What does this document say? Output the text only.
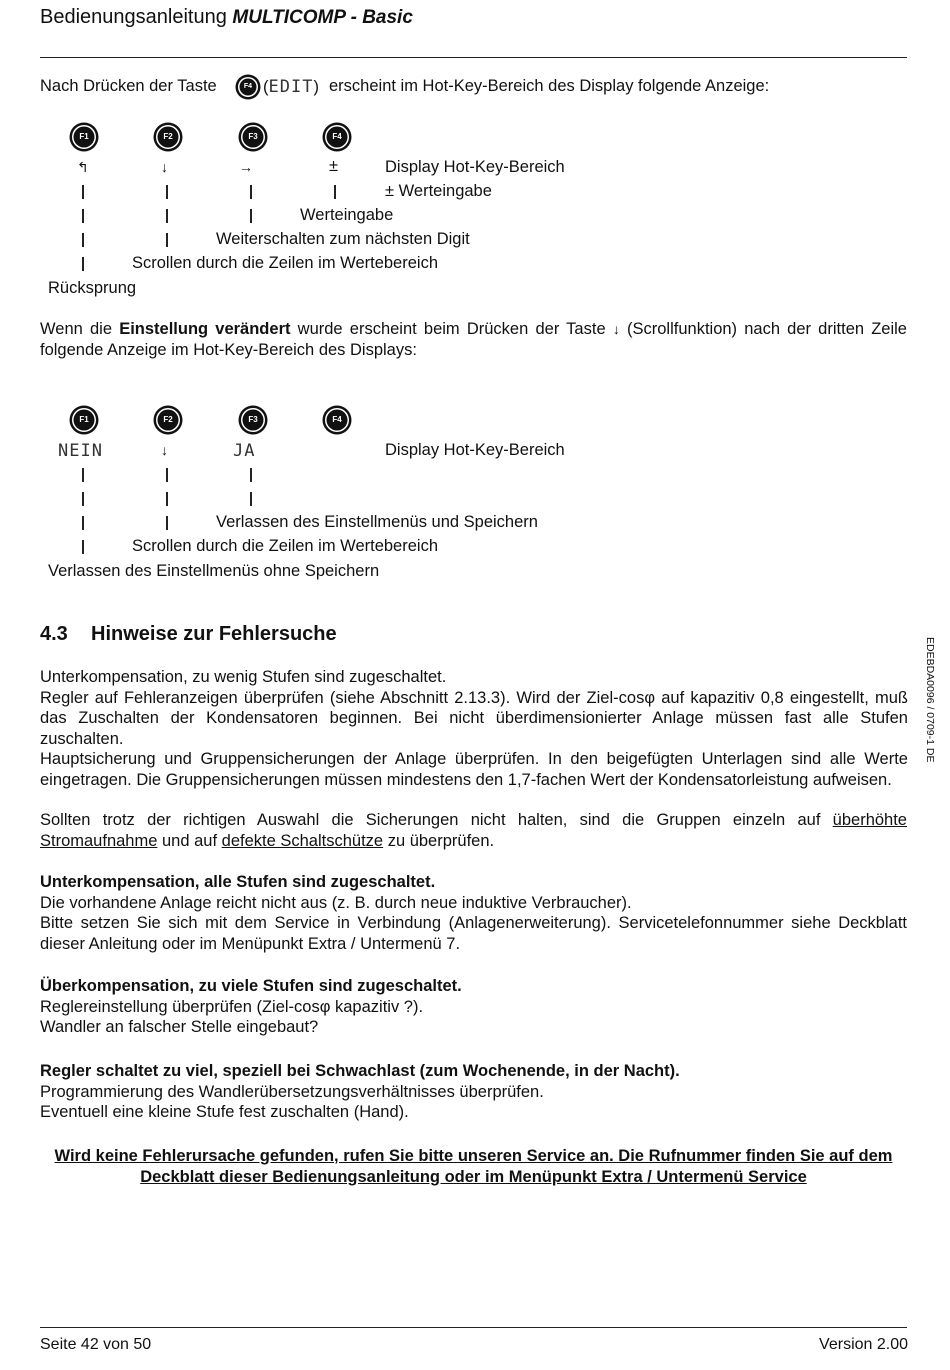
Bedienungsanleitung MULTICOMP - Basic
Nach Drücken der Taste	F4 (EDIT) erscheint im Hot-Key-Bereich des Display folgende Anzeige:
F1	F2	F3	F4
↰	↓	→	±	Display Hot-Key-Bereich
± Werteingabe
Werteingabe
Weiterschalten zum nächsten Digit
Scrollen durch die Zeilen im Wertebereich
Rücksprung

Wenn die Einstellung verändert wurde erscheint beim Drücken der Taste ↓ (Scrollfunktion) nach der dritten Zeile

folgende Anzeige im Hot-Key-Bereich des Displays:

F1	F2	F3	F4
NEIN	↓	JA	Display Hot-Key-Bereich
Verlassen des Einstellmenüs und Speichern
Scrollen durch die Zeilen im Wertebereich
Verlassen des Einstellmenüs ohne Speichern
4.3 Hinweise zur Fehlersuche
EDEBDA0096 / 0709-1 DE

Unterkompensation, zu wenig Stufen sind zugeschaltet.

Regler auf Fehleranzeigen überprüfen (siehe Abschnitt 2.13.3). Wird der Ziel-cosφ auf kapazitiv 0,8 eingestellt, muß das Zuschalten der Kondensatoren beginnen. Bei nicht überdimensionierter Anlage müssen fast alle Stufen zuschalten.

Hauptsicherung und Gruppensicherungen der Anlage überprüfen. In den beigefügten Unterlagen sind alle Werte eingetragen. Die Gruppensicherungen müssen mindestens den 1,7-fachen Wert der Kondensatorleistung aufweisen.

Sollten trotz der richtigen Auswahl die Sicherungen nicht halten, sind die Gruppen einzeln auf überhöhte Stromaufnahme und auf defekte Schaltschütze zu überprüfen.

Unterkompensation, alle Stufen sind zugeschaltet.

Die vorhandene Anlage reicht nicht aus (z. B. durch neue induktive Verbraucher).

Bitte setzen Sie sich mit dem Service in Verbindung (Anlagenerweiterung). Servicetelefonnummer siehe Deckblatt dieser Anleitung oder im Menüpunkt Extra / Untermenü 7.

Überkompensation, zu viele Stufen sind zugeschaltet.

Reglereinstellung überprüfen (Ziel-cosφ kapazitiv ?).

Wandler an falscher Stelle eingebaut?

Regler schaltet zu viel, speziell bei Schwachlast (zum Wochenende, in der Nacht).

Programmierung des Wandlerübersetzungsverhältnisses überprüfen.

Eventuell eine kleine Stufe fest zuschalten (Hand).

Wird keine Fehlerursache gefunden, rufen Sie bitte unseren Service an. Die Rufnummer finden Sie auf dem
Deckblatt dieser Bedienungsanleitung oder im Menüpunkt Extra / Untermenü Service
Seite 42 von 50	Version 2.00
